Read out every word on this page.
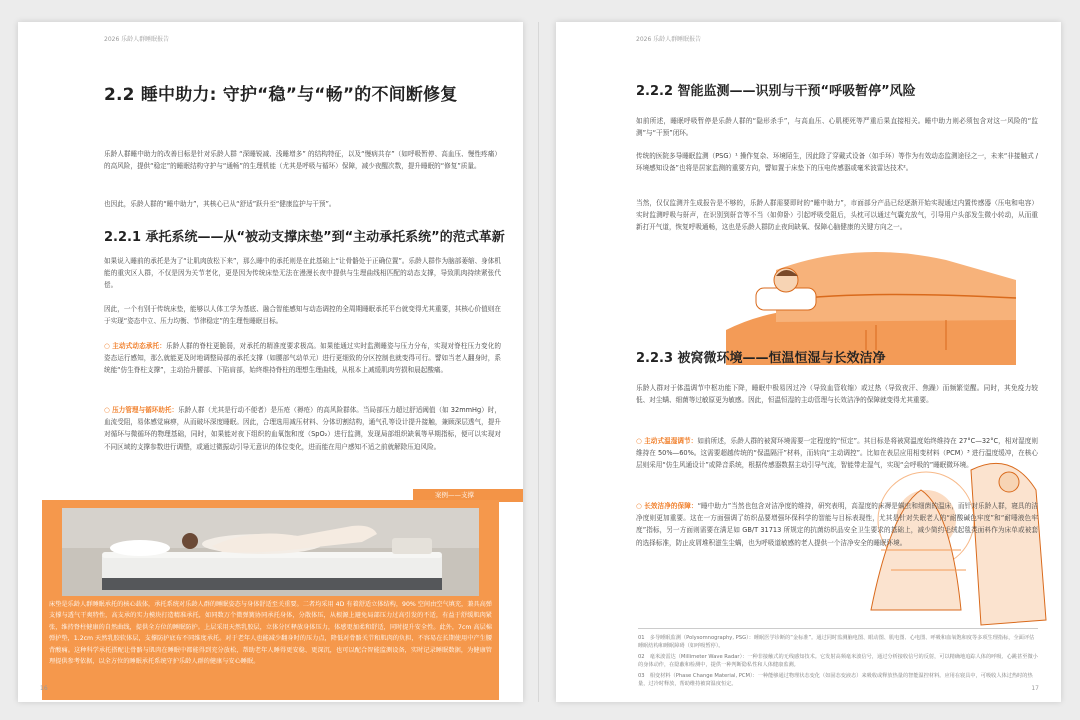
2026 乐龄人群睡眠报告
2.2 睡中助力: 守护“稳”与“畅”的不间断修复

乐龄人群睡中助力的改善目标是针对乐龄人群 “深睡锐减、浅睡增多” 的结构特征，以及“慢病共存”（如呼吸暂停、高血压、慢性疼痛）的高风险，提供“稳定”的睡眠结构守护与“通畅”的生理机能（尤其是呼吸与循环）保障，减少夜醒次数，提升睡眠的“修复”质量。

也因此，乐龄人群的“睡中助力”，其核心已从“舒适”跃升至“健康监护与干预”。

2.2.1 承托系统——从“被动支撑床垫”到“主动承托系统”的范式革新

如果说入睡前的承托是为了“让肌肉放松下来”，那么睡中的承托则是在此基础上“让骨骼处于正确位置”。乐龄人群作为脑部萎缩、身体机能的重灾区人群，不仅是因为关节老化，更是因为传统床垫无法在漫漫长夜中提供与生理曲线相匹配的动态支撑，导致肌肉持续紧张代偿。

因此，一个有别于传统床垫，能够以人体工学为基底、融合智能感知与动态调控的全周期睡眠承托平台就变得尤其重要，其核心价值则在于实现“姿态中立、压力均衡、节律稳定”的生理性睡眠目标。

○ 主动式动态承托：乐龄人群的脊柱更脆弱，对承托的精准度要求极高。如果能通过实时监测睡姿与压力分布，实现对脊柱压力变化的姿态运行感知，那么就能更及时地调整局部的承托支撑（如腰部气动单元）进行更细致的分区控制也就变得可行。譬如当老人翻身时，系统能“仿生脊柱支撑”，主动抬升腰部、下陷肩部，始终维持脊柱的理想生理曲线，从根本上减缓肌肉劳损和晨起酸痛。

○ 压力管理与循环助托：乐龄人群（尤其是行动不便者）是压疮（褥疮）的高风险群体。当局部压力超过舒适阈值（如 32mmHg）时，血流受阻，易体感觉麻痹，从而破坏深度睡眠。因此，合理选用减压材料、分体切割结构，通气孔等设计提升接触，兼顾深层透气，提升对循环与微循环的物理基础，同时，如果能对夜下组织的血氧饱和度（SpO₂）进行监测，发现局部组织缺氧等早期指标，便可以实现对不同区域的支撑参数进行调整，或通过微振动引导无意识的体位变化，进而能在用户感知不适之前就解除压迫风险。

案例——支撑

床垫是乐龄人群睡眠承托的核心载体，承托系统对乐龄人群的睡眠姿态与身体舒适至关重要。二者均采用 4D 有着舒适立体结构，90% 空间由空气填充，兼具高弹支撑与透气干爽特性，高支承的实力模块打造精准承托，如同数万个微弹簧协同承托身体，分散体压，从根源上避免局部压力过高引发的不适，有益于舒缓肌肉紧张，维持脊柱健康的自然曲线，提供全方位的睡眠防护。上层采用天然乳胶层，立体分区释放身体压力，体感更加柔和舒适，同时提升安全性。此外，7cm 高层棉弹护垫，1.2cm 天然乳胶软体层，支撑防护底布不同维度承托。对于老年人也能减少翻身时的压力点，降低对骨骼关节和肌肉的负担，不容易在长期使用中产生腰背酸痛。这种科学承托搭配让骨骼与肌肉在睡眠中都能得到充分放松，帮助老年人睡得更安稳、更深沉，也可以配合智能监测设备，实时记录睡眠数据，为健康管理提供参考依据，以全方位的睡眠承托系统守护乐龄人群的健康与安心睡眠。

16
2026 乐龄人群睡眠报告
2.2.2 智能监测——识别与干预“呼吸暂停”风险

如前所述，睡眠呼吸暂停是乐龄人群的“隐形杀手”，与高血压、心肌梗死等严重后果直接相关。睡中助力则必须包含对这一风险的“监测”与“干预”闭环。

传统的医院多导睡眠监测（PSG）¹ 操作复杂、环境陌生，因此除了穿戴式设备（如手环）等作为有效动态监测途径之一，未来“非接触式 / 环境感知设备”也将是居家监测的重要方向，譬如置于床垫下的压电传感器或毫米波雷达技术²。

当然，仅仅监测并生成报告是不够的，乐龄人群需要即时的“睡中助力”，市面部分产品已经逐渐开始实现通过内置传感器（压电和电容）实时监测呼吸与鼾声，在识别到鼾音等不当（如仰卧）引起呼吸受阻后，头枕可以通过气囊充放气，引导用户头部发生微小转动，从而重新打开气道，恢复呼吸通畅，这也是乐龄人群防止夜间缺氧、保障心脑健康的关键方向之一。

2.2.3 被窝微环境——恒温恒湿与长效洁净

乐龄人群对于体温调节中枢功能下降，睡眠中极易因过冷（导致血管收缩）或过热（导致夜汗、焦躁）而频繁觉醒。同时，其免疫力较低、对尘螨、细菌等过敏原更为敏感。因此，恒温恒湿的主动管理与长效洁净的保障就变得尤其重要。

○ 主动式温湿调节：如前所述，乐龄人群的被窝环境需要一定程度的“恒定”。其目标是将被窝温度始终维持在 27°C—32°C，相对湿度则维持在 50%—60%。这需要超越传统的“保温隔汗”材料，而转向“主动调控”。比如在表层应用相变材料（PCM）³ 进行温度缓冲，在核心层则采用“仿生风通设计”或降音系统，根据传感器数据主动引导气流，智能带走湿气，实现“会呼吸的”睡眠微环境。

○ 长效洁净的保障：“睡中助力”当然也包含对洁净度的维持，研究表明，高湿度的床褥是螨虫和细菌的温床，而针对乐龄人群，寝具的洁净度则更加重要。这在一方面强调了纺织品要增强环保科学的智能与目标表现性，尤其是针对失眠老人的“耐酸碱色牢度”和“耐唾液色牢度”指标，另一方面则需要在满足如 GB/T 31713 所规定的抗菌纺织品安全卫生要求的基础上，减少简约毛绒起毯类面料作为床单或被套的选择标准，防止皮屑堆积滋生尘螨，也为呼吸道敏感的老人提供一个洁净安全的睡眠环境。

01　多导睡眠监测（Polysomnography, PSG）：睡眠医学诊断的“金标准”。通过同时监测脑电图、眼动图、肌电图、心电图、呼吸和血氧饱和度等多项生理指标，全面评估睡眠结构和睡眠障碍（如呼吸暂停）。

02　毫米波雷达（Millimeter Wave Radar）：一种非接触式的无线感知技术。它发射高频毫米波信号，通过分析接收信号的反射，可以精确地追踪人体的呼吸、心跳甚至微小的身体动作，在隐蔽和检测中，提供一种判断隐私性和人体健康监测。

03　相变材料（Phase Change Material, PCM）：一种能够通过物理状态变化（如固态变液态）来吸收或释放热量的智能温控材料。应用在寝具中，可吸收人体过热时的热量，过冷时释放，帮助维持被窝温度恒定。

17
